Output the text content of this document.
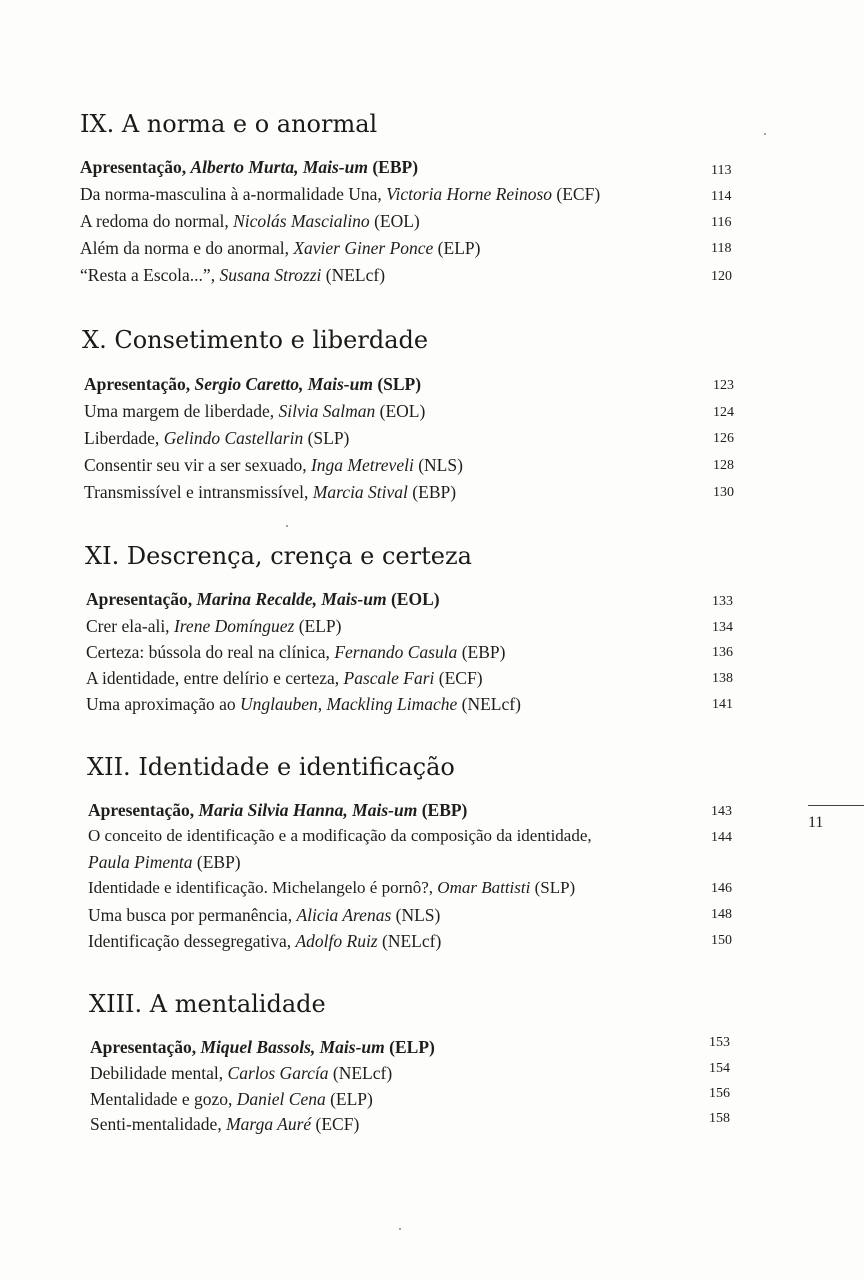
IX. A norma e o anormal
Apresentação, Alberto Murta, Mais-um (EBP)	113
Da norma-masculina à a-normalidade Una, Victoria Horne Reinoso (ECF)	114
A redoma do normal, Nicolás Mascialino (EOL)	116
Além da norma e do anormal, Xavier Giner Ponce (ELP)	118
“Resta a Escola...”, Susana Strozzi (NELcf)	120
X. Consetimento e liberdade
Apresentação, Sergio Caretto, Mais-um (SLP)	123
Uma margem de liberdade, Silvia Salman (EOL)	124
Liberdade, Gelindo Castellarin (SLP)	126
Consentir seu vir a ser sexuado, Inga Metreveli (NLS)	128
Transmissível e intransmissível, Marcia Stival (EBP)	130
XI. Descrença, crença e certeza
Apresentação, Marina Recalde, Mais-um (EOL)	133
Crer ela-ali, Irene Domínguez (ELP)	134
Certeza: bússola do real na clínica, Fernando Casula (EBP)	136
A identidade, entre delírio e certeza, Pascale Fari (ECF)	138
Uma aproximação ao Unglauben, Mackling Limache (NELcf)	141
XII. Identidade e identificação
Apresentação, Maria Silvia Hanna, Mais-um (EBP)	143
O conceito de identificação e a modificação da composição da identidade,	144
Paula Pimenta (EBP)
Identidade e identificação. Michelangelo é pornô?, Omar Battisti (SLP)	146
Uma busca por permanência, Alicia Arenas (NLS)	148
Identificação dessegregativa, Adolfo Ruiz (NELcf)	150
XIII. A mentalidade
Apresentação, Miquel Bassols, Mais-um (ELP)	153
Debilidade mental, Carlos García (NELcf)	154
Mentalidade e gozo, Daniel Cena (ELP)	156
Senti-mentalidade, Marga Auré (ECF)	158
11
